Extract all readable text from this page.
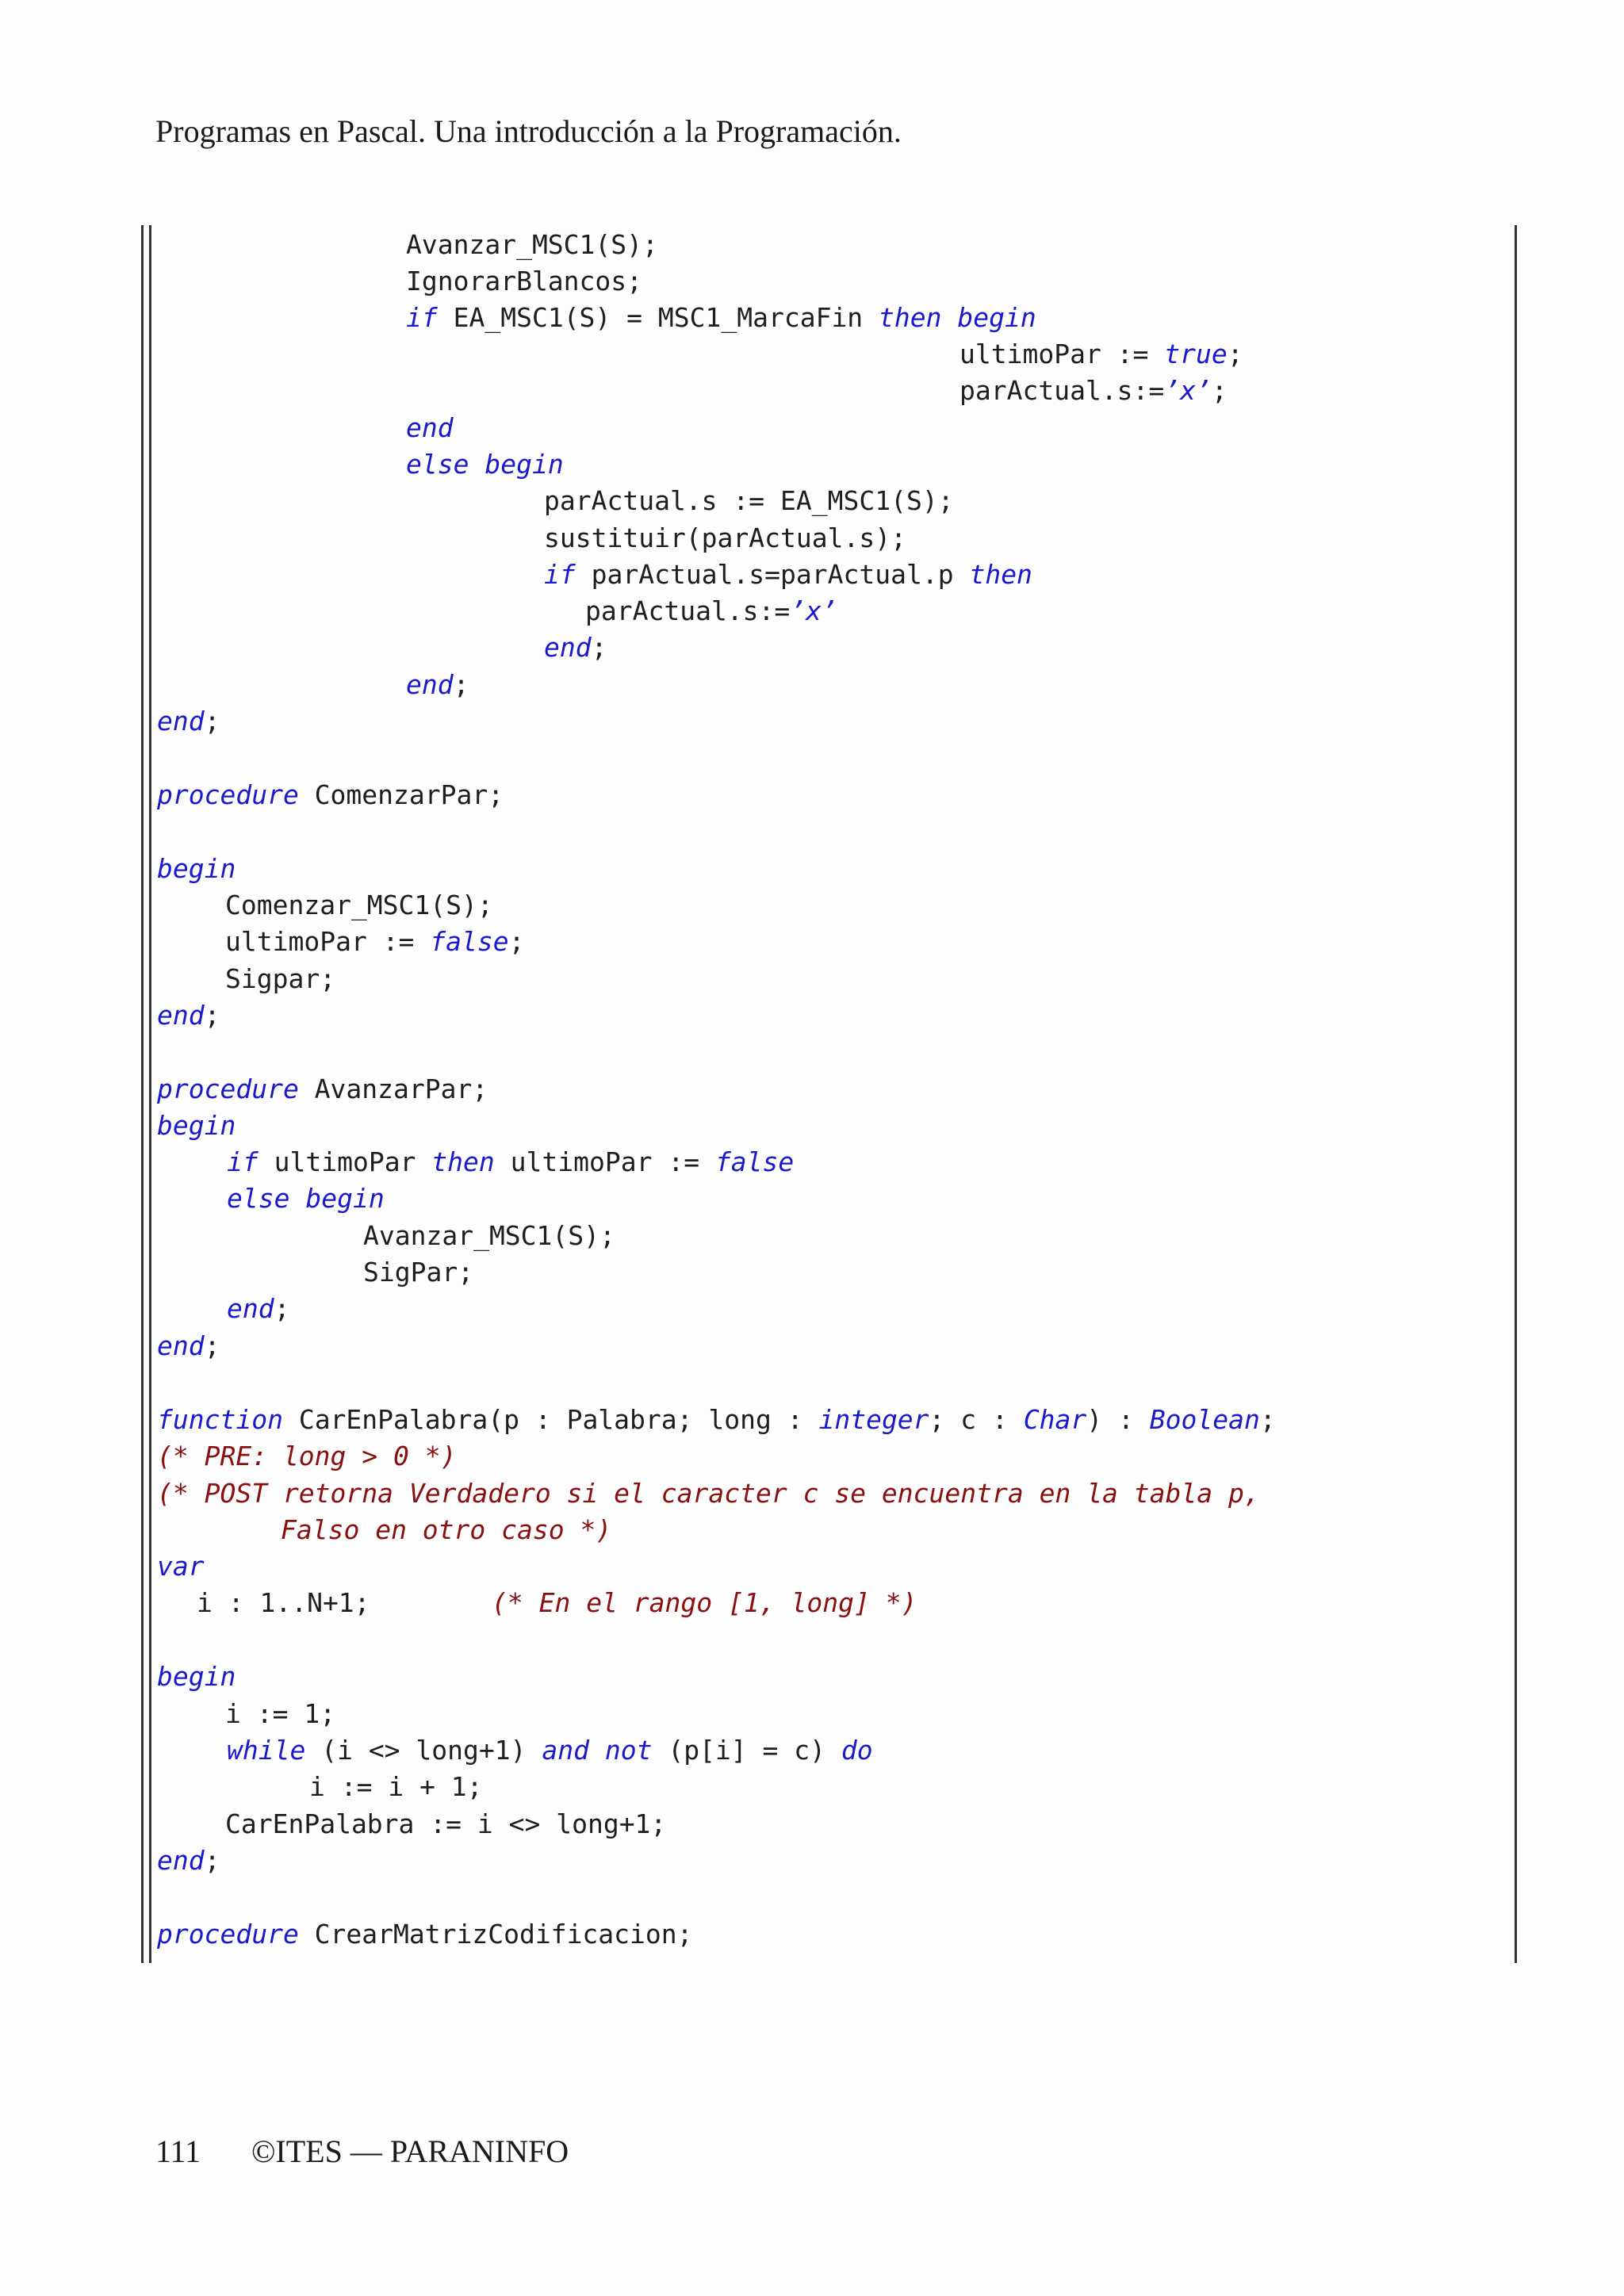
Programas en Pascal. Una introducción a la Programación.
Avanzar_MSC1(S);
IgnorarBlancos;
if EA_MSC1(S) = MSC1_MarcaFin then begin
ultimoPar := true;
parActual.s:=’x’;
end
else begin
parActual.s := EA_MSC1(S);
sustituir(parActual.s);
if parActual.s=parActual.p then
parActual.s:=’x’
end;
end;
end;
procedure ComenzarPar;
begin
Comenzar_MSC1(S);
ultimoPar := false;
Sigpar;
end;
procedure AvanzarPar;
begin
if ultimoPar then ultimoPar := false
else begin
Avanzar_MSC1(S);
SigPar;
end;
end;
function CarEnPalabra(p : Palabra; long : integer; c : Char) : Boolean;
(* PRE: long > 0 *)
(* POST retorna Verdadero si el caracter c se encuentra en la tabla p,
Falso en otro caso *)
var
i : 1..N+1;	(* En el rango [1, long] *)
begin
i := 1;
while (i <> long+1) and not (p[i] = c) do
i := i + 1;
CarEnPalabra := i <> long+1;
end;
procedure CrearMatrizCodificacion;
111 ©ITES — PARANINFO
